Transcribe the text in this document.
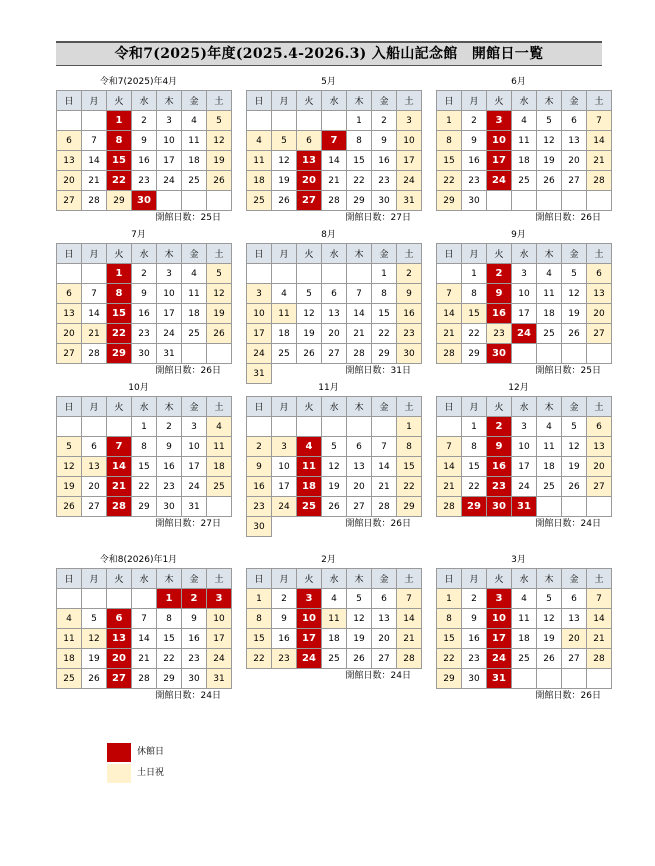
令和7(2025)年度(2025.4-2026.3) 入船山記念館　開館日一覧
令和7(2025)年4月
日	月	火	水	木	金	土
		1	2	3	4	5
6	7	8	9	10	11	12
13	14	15	16	17	18	19
20	21	22	23	24	25	26
27	28	29	30			
開館日数：25日
5月
日	月	火	水	木	金	土
				1	2	3
4	5	6	7	8	9	10
11	12	13	14	15	16	17
18	19	20	21	22	23	24
25	26	27	28	29	30	31
開館日数：27日
6月
日	月	火	水	木	金	土
1	2	3	4	5	6	7
8	9	10	11	12	13	14
15	16	17	18	19	20	21
22	23	24	25	26	27	28
29	30					
開館日数：26日
7月
日	月	火	水	木	金	土
		1	2	3	4	5
6	7	8	9	10	11	12
13	14	15	16	17	18	19
20	21	22	23	24	25	26
27	28	29	30	31		
開館日数：26日
8月
日	月	火	水	木	金	土
					1	2
3	4	5	6	7	8	9
10	11	12	13	14	15	16
17	18	19	20	21	22	23
24	25	26	27	28	29	30
31							開館日数：31日
9月
日	月	火	水	木	金	土
	1	2	3	4	5	6
7	8	9	10	11	12	13
14	15	16	17	18	19	20
21	22	23	24	25	26	27
28	29	30				
開館日数：25日
10月
日	月	火	水	木	金	土
			1	2	3	4
5	6	7	8	9	10	11
12	13	14	15	16	17	18
19	20	21	22	23	24	25
26	27	28	29	30	31	
開館日数：27日
11月
日	月	火	水	木	金	土
						1
2	3	4	5	6	7	8
9	10	11	12	13	14	15
16	17	18	19	20	21	22
23	24	25	26	27	28	29
30							開館日数：26日
12月
日	月	火	水	木	金	土
	1	2	3	4	5	6
7	8	9	10	11	12	13
14	15	16	17	18	19	20
21	22	23	24	25	26	27
28	29	30	31			
開館日数：24日
令和8(2026)年1月
日	月	火	水	木	金	土
				1	2	3
4	5	6	7	8	9	10
11	12	13	14	15	16	17
18	19	20	21	22	23	24
25	26	27	28	29	30	31
開館日数：24日
2月
日	月	火	水	木	金	土
1	2	3	4	5	6	7
8	9	10	11	12	13	14
15	16	17	18	19	20	21
22	23	24	25	26	27	28
開館日数：24日
3月
日	月	火	水	木	金	土
1	2	3	4	5	6	7
8	9	10	11	12	13	14
15	16	17	18	19	20	21
22	23	24	25	26	27	28
29	30	31				
開館日数：26日
休館日
土日祝
